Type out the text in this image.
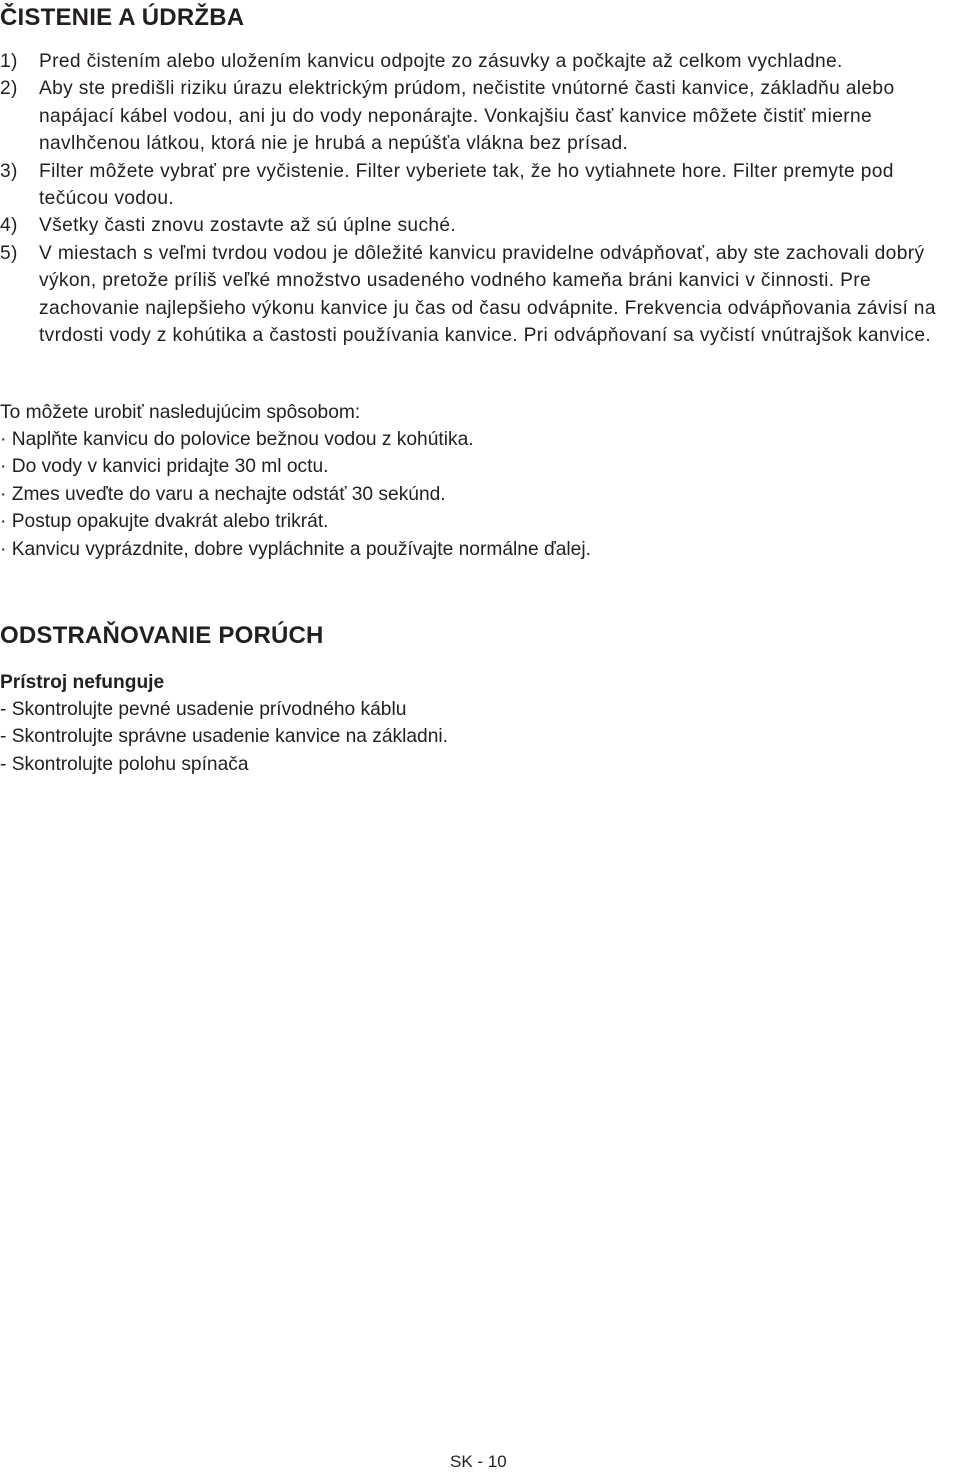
ČISTENIE A ÚDRŽBA
1)	Pred čistením alebo uložením kanvicu odpojte zo zásuvky a počkajte až celkom vychladne.
2)	Aby ste predišli riziku úrazu elektrickým prúdom, nečistite vnútorné časti kanvice, základňu alebo napájací kábel vodou, ani ju do vody neponárajte. Vonkajšiu časť kanvice môžete čistiť mierne navlhčenou látkou, ktorá nie je hrubá a nepúšťa vlákna bez prísad.
3)	Filter môžete vybrať pre vyčistenie. Filter vyberiete tak, že ho vytiahnete hore. Filter premyte pod tečúcou vodou.
4)	Všetky časti znovu zostavte až sú úplne suché.
5)	V miestach s veľmi tvrdou vodou je dôležité kanvicu pravidelne odvápňovať, aby ste zachovali dobrý výkon, pretože príliš veľké množstvo usadeného vodného kameňa bráni kanvici v činnosti. Pre zachovanie najlepšieho výkonu kanvice ju čas od času odvápnite. Frekvencia odvápňovania závisí na tvrdosti vody z kohútika a častosti používania kanvice. Pri odvápňovaní sa vyčistí vnútrajšok kanvice.

To môžete urobiť nasledujúcim spôsobom:

· Naplňte kanvicu do polovice bežnou vodou z kohútika.
· Do vody v kanvici pridajte 30 ml octu.
· Zmes uveďte do varu a nechajte odstáť 30 sekúnd.
· Postup opakujte dvakrát alebo trikrát.
· Kanvicu vyprázdnite, dobre vypláchnite a používajte normálne ďalej.
ODSTRAŇOVANIE PORÚCH

Prístroj nefunguje

- Skontrolujte pevné usadenie prívodného káblu
- Skontrolujte správne usadenie kanvice na základni.
- Skontrolujte polohu spínača
SK - 10
